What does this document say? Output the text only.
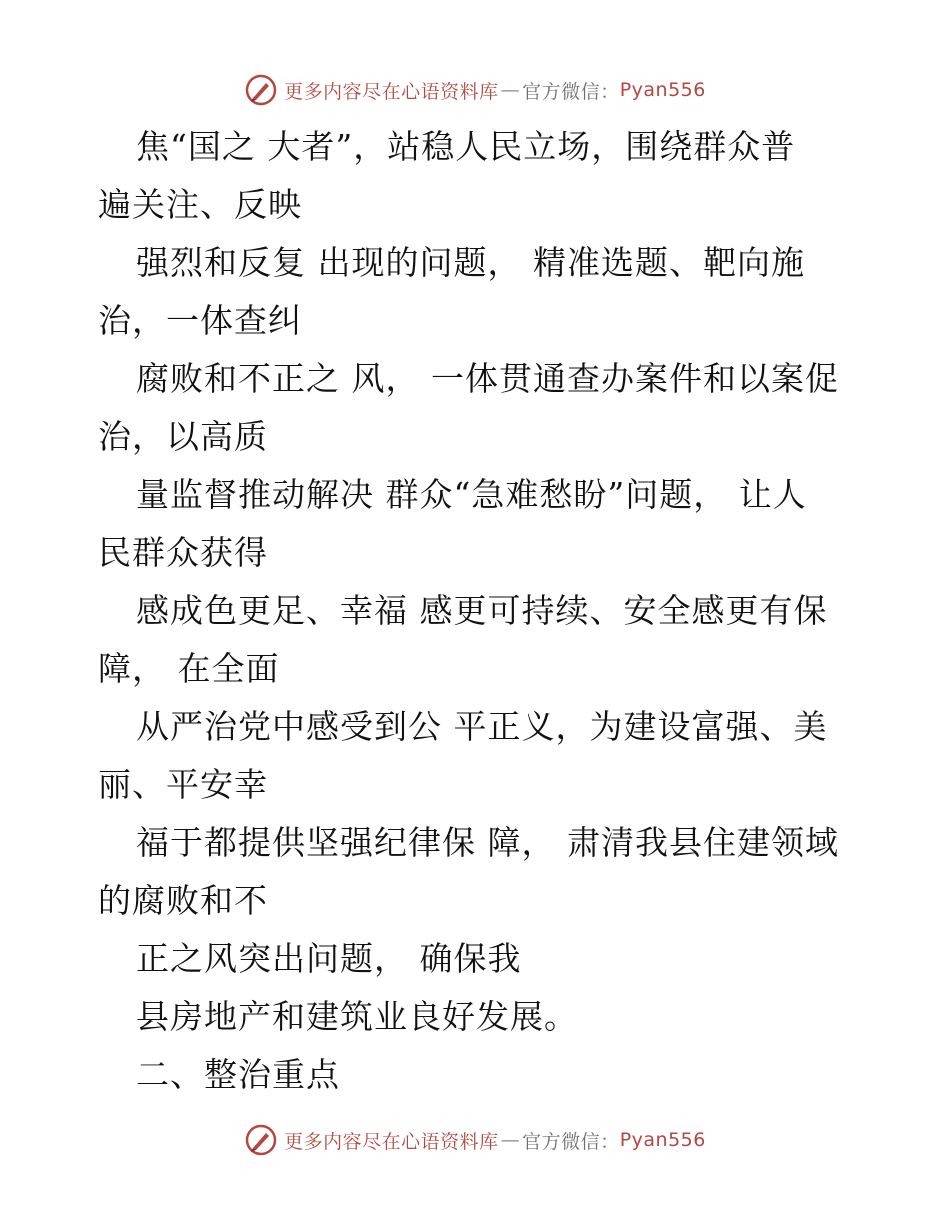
更多内容尽在心语资料库 — 官方微信： Pyan556
焦“国之 大者”，站稳人民立场，围绕群众普
遍关注、反映
强烈和反复 出现的问题， 精准选题、靶向施
治，一体查纠
腐败和不正之 风， 一体贯通查办案件和以案促
治，以高质
量监督推动解决 群众“急难愁盼”问题， 让人
民群众获得
感成色更足、幸福 感更可持续、安全感更有保
障， 在全面
从严治党中感受到公 平正义，为建设富强、美
丽、平安幸
福于都提供坚强纪律保 障， 肃清我县住建领域
的腐败和不
正之风突出问题， 确保我
县房地产和建筑业良好发展。
二、整治重点
更多内容尽在心语资料库 — 官方微信： Pyan556
